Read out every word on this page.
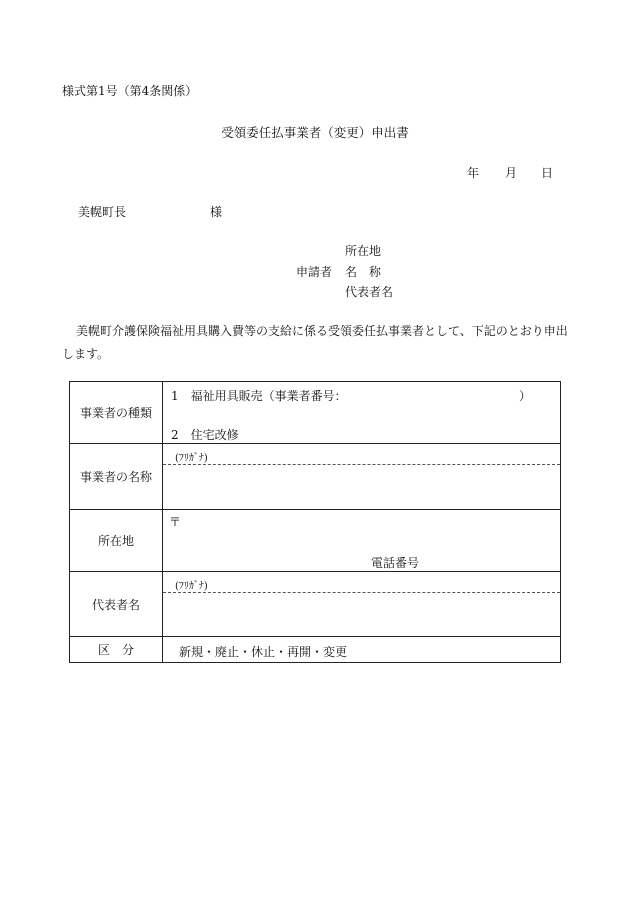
様式第1号（第4条関係）
受領委任払事業者（変更）申出書
年 月 日
美幌町長	様
所在地
申請者 名　称
代表者名
美幌町介護保険福祉用具購入費等の支給に係る受領委任払事業者として、下記のとおり申出します。
事業者の種類	1　福祉用具販売（事業者番号： ）
2　住宅改修

事業者の名称	(ﾌﾘｶﾞﾅ)

所在地	〒
電話番号

代表者名	(ﾌﾘｶﾞﾅ)

区　分	新規・廃止・休止・再開・変更
